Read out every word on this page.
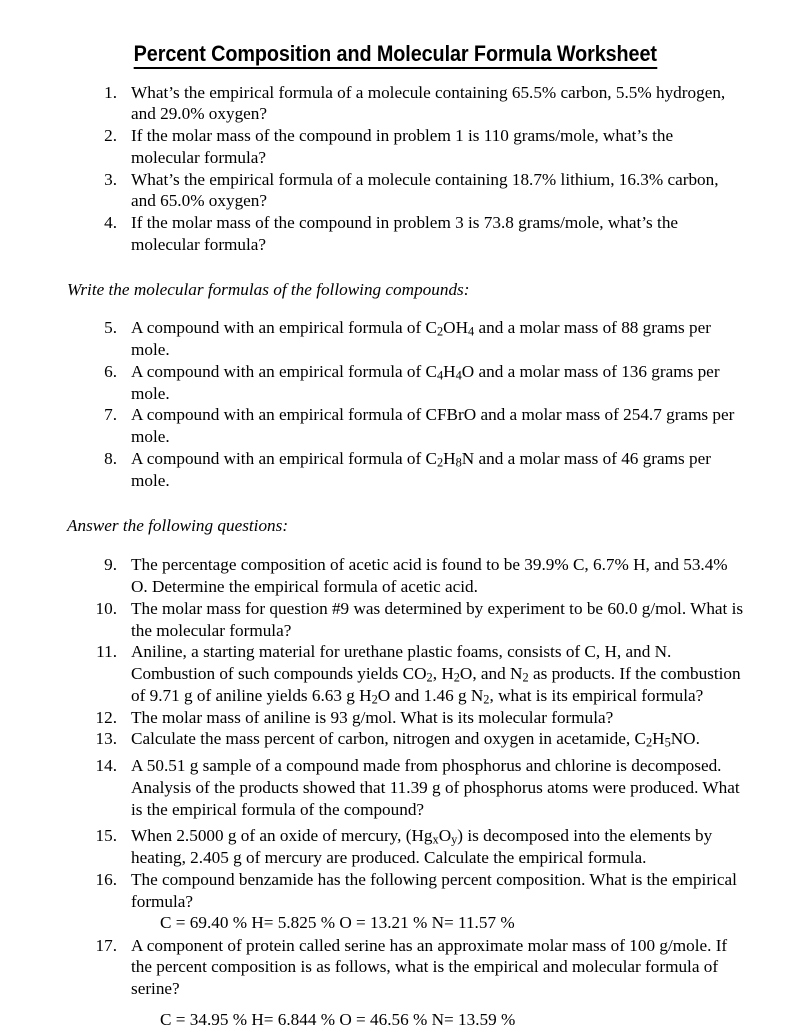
Percent Composition and Molecular Formula Worksheet
1. What’s the empirical formula of a molecule containing 65.5% carbon, 5.5% hydrogen, and 29.0% oxygen?
2. If the molar mass of the compound in problem 1 is 110 grams/mole, what’s the molecular formula?
3. What’s the empirical formula of a molecule containing 18.7% lithium, 16.3% carbon, and 65.0% oxygen?
4. If the molar mass of the compound in problem 3 is 73.8 grams/mole, what’s the molecular formula?
Write the molecular formulas of the following compounds:
5. A compound with an empirical formula of $C_2OH_4$ and a molar mass of 88 grams per mole.
6. A compound with an empirical formula of $C_4H_4O$ and a molar mass of 136 grams per mole.
7. A compound with an empirical formula of CFBrO and a molar mass of 254.7 grams per mole.
8. A compound with an empirical formula of $C_2H_8N$ and a molar mass of 46 grams per mole.
Answer the following questions:
9. The percentage composition of acetic acid is found to be 39.9% C, 6.7% H, and 53.4% O. Determine the empirical formula of acetic acid.
10. The molar mass for question #9 was determined by experiment to be 60.0 g/mol. What is the molecular formula?
11. Aniline, a starting material for urethane plastic foams, consists of C, H, and N. Combustion of such compounds yields $CO_2$, $H_2O$, and $N_2$ as products. If the combustion of 9.71 g of aniline yields 6.63 g $H_2O$ and 1.46 g $N_2$, what is its empirical formula?
12. The molar mass of aniline is 93 g/mol. What is its molecular formula?
13. Calculate the mass percent of carbon, nitrogen and oxygen in acetamide, $C_2H_5NO$.
14. A 50.51 g sample of a compound made from phosphorus and chlorine is decomposed. Analysis of the products showed that 11.39 g of phosphorus atoms were produced. What is the empirical formula of the compound?
15. When 2.5000 g of an oxide of mercury, $(Hg_xO_y)$ is decomposed into the elements by heating, 2.405 g of mercury are produced. Calculate the empirical formula.
16. The compound benzamide has the following percent composition. What is the empirical formula?
C = 69.40 % H= 5.825 % O = 13.21 % N= 11.57 %
17. A component of protein called serine has an approximate molar mass of 100 g/mole. If the percent composition is as follows, what is the empirical and molecular formula of serine?
C = 34.95 % H= 6.844 % O = 46.56 % N= 13.59 %
